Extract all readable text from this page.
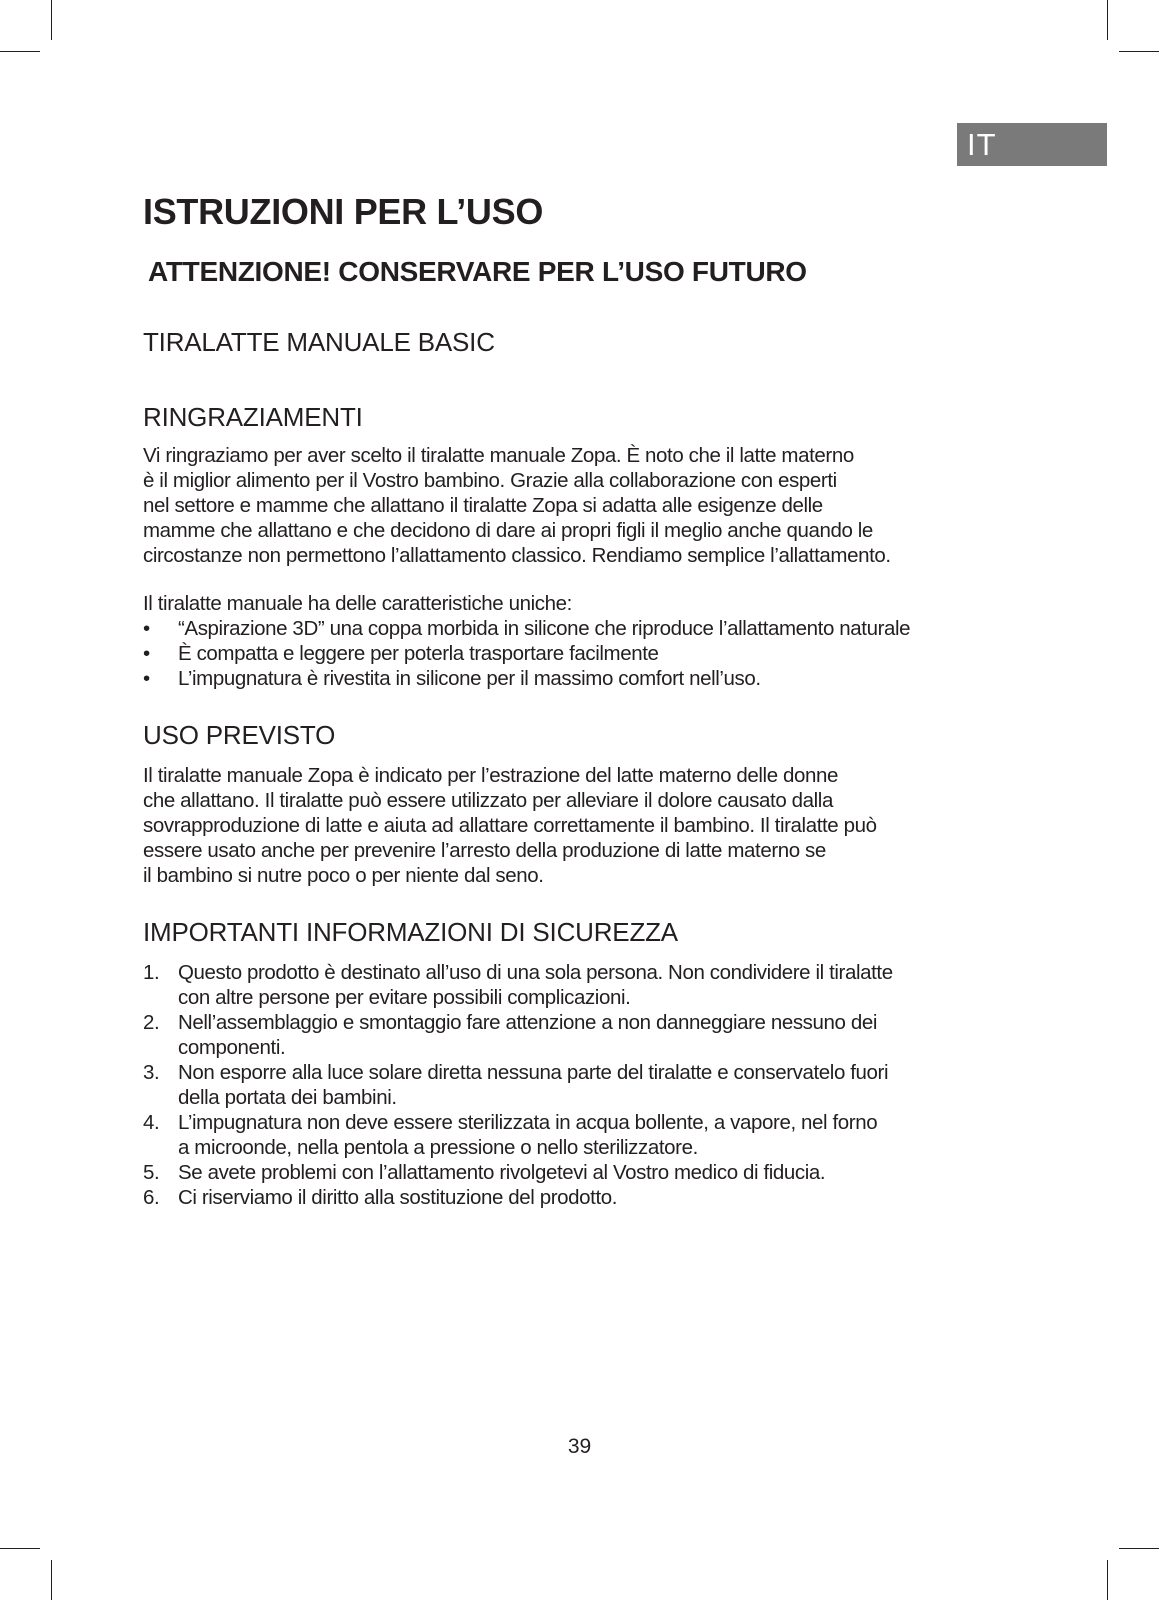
IT
ISTRUZIONI PER L’USO
ATTENZIONE! CONSERVARE PER L’USO FUTURO
TIRALATTE MANUALE BASIC
RINGRAZIAMENTI

Vi ringraziamo per aver scelto il tiralatte manuale Zopa. È noto che il latte materno
è il miglior alimento per il Vostro bambino. Grazie alla collaborazione con esperti
nel settore e mamme che allattano il tiralatte Zopa si adatta alle esigenze delle
mamme che allattano e che decidono di dare ai propri figli il meglio anche quando le
circostanze non permettono l’allattamento classico. Rendiamo semplice l’allattamento.

Il tiralatte manuale ha delle caratteristiche uniche:

• “Aspirazione 3D” una coppa morbida in silicone che riproduce l’allattamento naturale
• È compatta e leggere per poterla trasportare facilmente
• L’impugnatura è rivestita in silicone per il massimo comfort nell’uso.
USO PREVISTO

Il tiralatte manuale Zopa è indicato per l’estrazione del latte materno delle donne
che allattano. Il tiralatte può essere utilizzato per alleviare il dolore causato dalla
sovrapproduzione di latte e aiuta ad allattare correttamente il bambino. Il tiralatte può
essere usato anche per prevenire l’arresto della produzione di latte materno se
il bambino si nutre poco o per niente dal seno.

IMPORTANTI INFORMAZIONI DI SICUREZZA
1. Questo prodotto è destinato all’uso di una sola persona. Non condividere il tiralatte
con altre persone per evitare possibili complicazioni.
2. Nell’assemblaggio e smontaggio fare attenzione a non danneggiare nessuno dei
componenti.
3. Non esporre alla luce solare diretta nessuna parte del tiralatte e conservatelo fuori
della portata dei bambini.
4. L’impugnatura non deve essere sterilizzata in acqua bollente, a vapore, nel forno
a microonde, nella pentola a pressione o nello sterilizzatore.
5. Se avete problemi con l’allattamento rivolgetevi al Vostro medico di fiducia.
6. Ci riserviamo il diritto alla sostituzione del prodotto.
39
